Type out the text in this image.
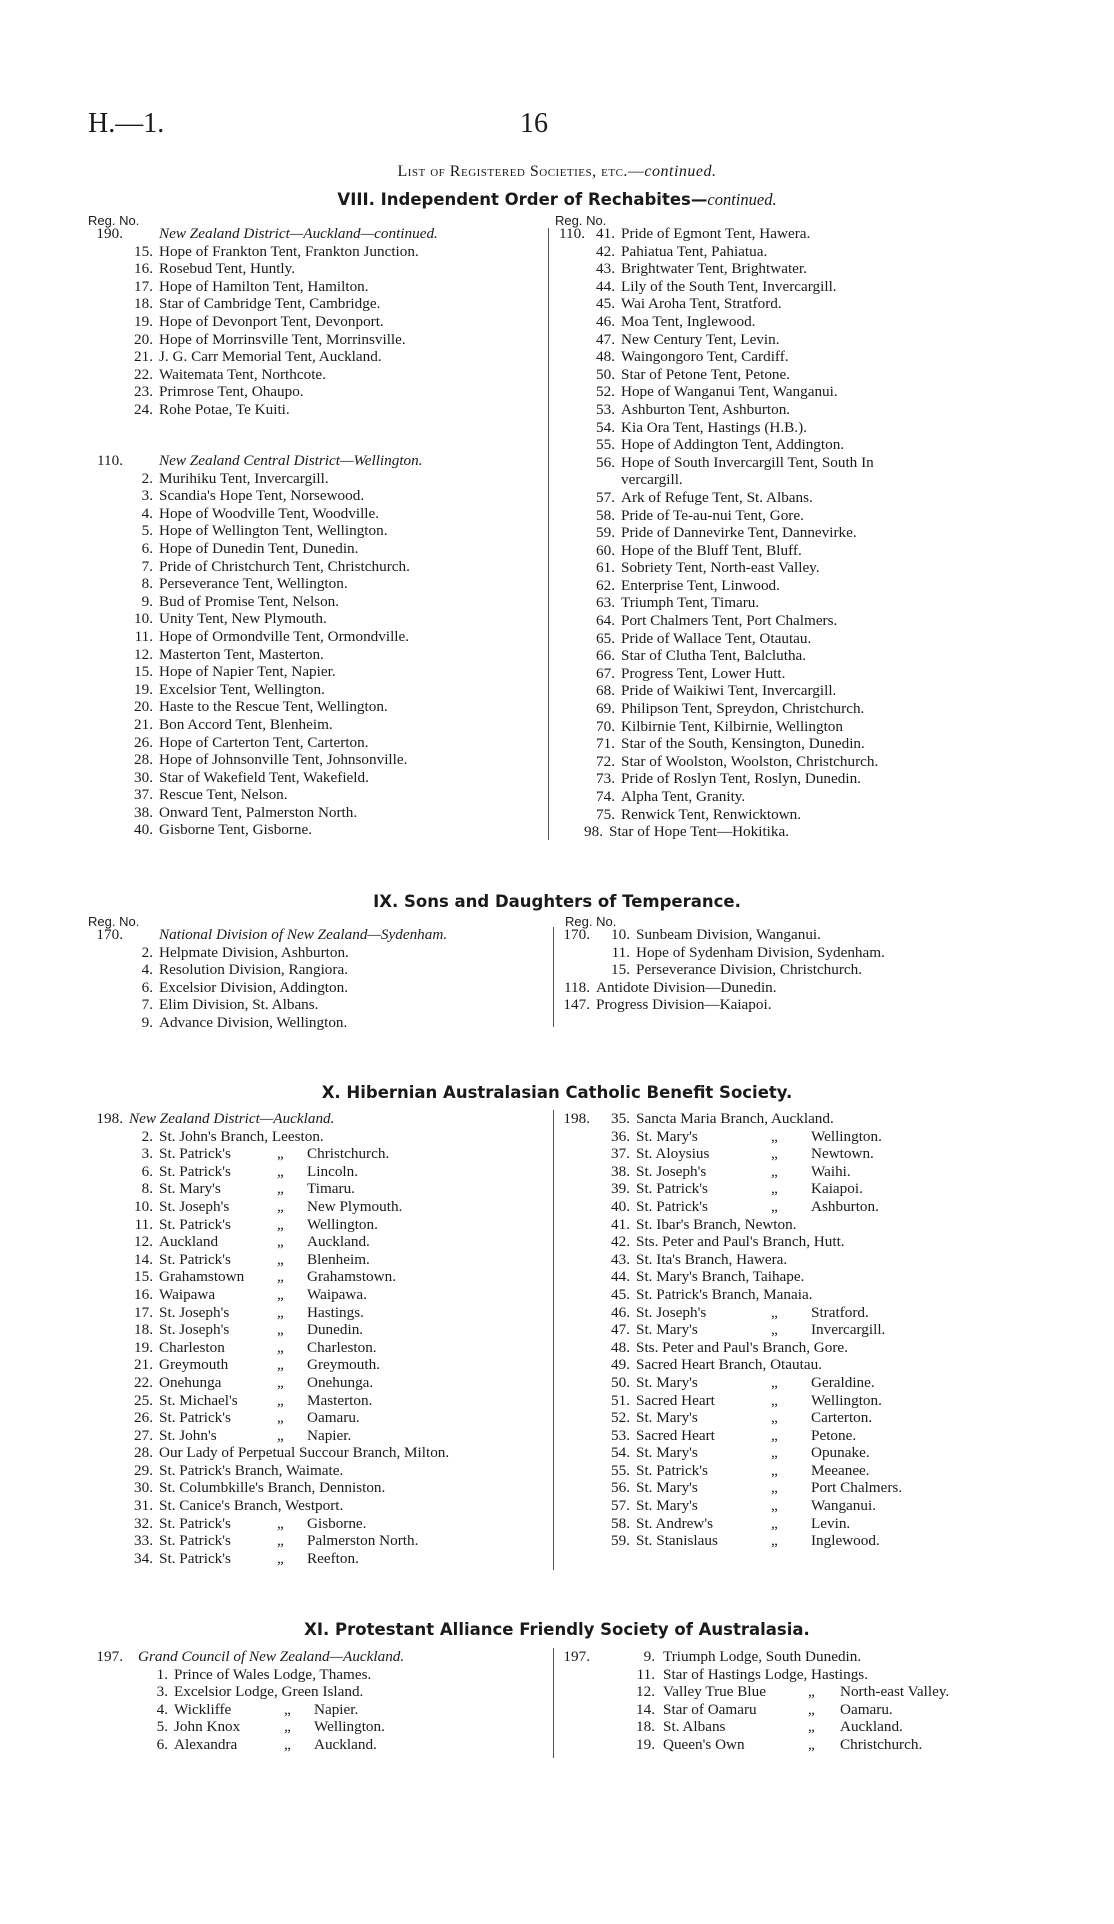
H.—1.	16
List of Registered Societies, etc.—continued.
VIII. Independent Order of Rechabites—continued.
Reg. No.	Reg. No.
190. New Zealand District—Auckland—continued.
15. Hope of Frankton Tent, Frankton Junction.
16. Rosebud Tent, Huntly.
17. Hope of Hamilton Tent, Hamilton.
18. Star of Cambridge Tent, Cambridge.
19. Hope of Devonport Tent, Devonport.
20. Hope of Morrinsville Tent, Morrinsville.
21. J. G. Carr Memorial Tent, Auckland.
22. Waitemata Tent, Northcote.
23. Primrose Tent, Ohaupo.
24. Rohe Potae, Te Kuiti.
110. New Zealand Central District—Wellington.
2. Murihiku Tent, Invercargill.
3. Scandia's Hope Tent, Norsewood.
4. Hope of Woodville Tent, Woodville.
5. Hope of Wellington Tent, Wellington.
6. Hope of Dunedin Tent, Dunedin.
7. Pride of Christchurch Tent, Christchurch.
8. Perseverance Tent, Wellington.
9. Bud of Promise Tent, Nelson.
10. Unity Tent, New Plymouth.
11. Hope of Ormondville Tent, Ormondville.
12. Masterton Tent, Masterton.
15. Hope of Napier Tent, Napier.
19. Excelsior Tent, Wellington.
20. Haste to the Rescue Tent, Wellington.
21. Bon Accord Tent, Blenheim.
26. Hope of Carterton Tent, Carterton.
28. Hope of Johnsonville Tent, Johnsonville.
30. Star of Wakefield Tent, Wakefield.
37. Rescue Tent, Nelson.
38. Onward Tent, Palmerston North.
40. Gisborne Tent, Gisborne.
110. 41. Pride of Egmont Tent, Hawera.
42. Pahiatua Tent, Pahiatua.
43. Brightwater Tent, Brightwater.
44. Lily of the South Tent, Invercargill.
45. Wai Aroha Tent, Stratford.
46. Moa Tent, Inglewood.
47. New Century Tent, Levin.
48. Waingongoro Tent, Cardiff.
50. Star of Petone Tent, Petone.
52. Hope of Wanganui Tent, Wanganui.
53. Ashburton Tent, Ashburton.
54. Kia Ora Tent, Hastings (H.B.).
55. Hope of Addington Tent, Addington.
56. Hope of South Invercargill Tent, South In
vercargill.
57. Ark of Refuge Tent, St. Albans.
58. Pride of Te-au-nui Tent, Gore.
59. Pride of Dannevirke Tent, Dannevirke.
60. Hope of the Bluff Tent, Bluff.
61. Sobriety Tent, North-east Valley.
62. Enterprise Tent, Linwood.
63. Triumph Tent, Timaru.
64. Port Chalmers Tent, Port Chalmers.
65. Pride of Wallace Tent, Otautau.
66. Star of Clutha Tent, Balclutha.
67. Progress Tent, Lower Hutt.
68. Pride of Waikiwi Tent, Invercargill.
69. Philipson Tent, Spreydon, Christchurch.
70. Kilbirnie Tent, Kilbirnie, Wellington
71. Star of the South, Kensington, Dunedin.
72. Star of Woolston, Woolston, Christchurch.
73. Pride of Roslyn Tent, Roslyn, Dunedin.
74. Alpha Tent, Granity.
75. Renwick Tent, Renwicktown.
98. Star of Hope Tent—Hokitika.
IX. Sons and Daughters of Temperance.
Reg. No.	Reg. No.
170. National Division of New Zealand—Sydenham.
2. Helpmate Division, Ashburton.
4. Resolution Division, Rangiora.
6. Excelsior Division, Addington.
7. Elim Division, St. Albans.
9. Advance Division, Wellington.
170.	10. Sunbeam Division, Wanganui.
11. Hope of Sydenham Division, Sydenham.
15. Perseverance Division, Christchurch.
118. Antidote Division—Dunedin.
147. Progress Division—Kaiapoi.
X. Hibernian Australasian Catholic Benefit Society.
198. New Zealand District—Auckland.
2. St. John's Branch, Leeston.
3. St. Patrick's	„ Christchurch.
6. St. Patrick's	„ Lincoln.
8. St. Mary's	„ Timaru.
10. St. Joseph's	„ New Plymouth.
11. St. Patrick's	„ Wellington.
12. Auckland	„ Auckland.
14. St. Patrick's	„ Blenheim.
15. Grahamstown „ Grahamstown.
16. Waipawa	„ Waipawa.
17. St. Joseph's	„ Hastings.
18. St. Joseph's	„ Dunedin.
19. Charleston	„ Charleston.
21. Greymouth	„ Greymouth.
22. Onehunga	„ Onehunga.
25. St. Michael's	„ Masterton.
26. St. Patrick's	„ Oamaru.
27. St. John's	„ Napier.
28. Our Lady of Perpetual Succour Branch, Milton.
29. St. Patrick's Branch, Waimate.
30. St. Columbkille's Branch, Denniston.
31. St. Canice's Branch, Westport.
32. St. Patrick's	„ Gisborne.
33. St. Patrick's	„ Palmerston North.
34. St. Patrick's	„ Reefton.
198.	35. Sancta Maria Branch, Auckland.
36. St. Mary's	„ Wellington.
37. St. Aloysius	„ Newtown.
38. St. Joseph's	„ Waihi.
39. St. Patrick's	„ Kaiapoi.
40. St. Patrick's	„ Ashburton.
41. St. Ibar's Branch, Newton.
42. Sts. Peter and Paul's Branch, Hutt.
43. St. Ita's Branch, Hawera.
44. St. Mary's Branch, Taihape.
45. St. Patrick's Branch, Manaia.
46. St. Joseph's	„ Stratford.
47. St. Mary's	„ Invercargill.
48. Sts. Peter and Paul's Branch, Gore.
49. Sacred Heart Branch, Otautau.
50. St. Mary's	„ Geraldine.
51. Sacred Heart	„ Wellington.
52. St. Mary's	„ Carterton.
53. Sacred Heart	„ Petone.
54. St. Mary's	„ Opunake.
55. St. Patrick's	„ Meeanee.
56. St. Mary's	„ Port Chalmers.
57. St. Mary's	„ Wanganui.
58. St. Andrew's	„ Levin.
59. St. Stanislaus	„ Inglewood.
XI. Protestant Alliance Friendly Society of Australasia.
197. Grand Council of New Zealand—Auckland.
1. Prince of Wales Lodge, Thames.
3. Excelsior Lodge, Green Island.
4. Wickliffe	„ Napier.
5. John Knox	„ Wellington.
6. Alexandra	„ Auckland.
197.	9. Triumph Lodge, South Dunedin.
11. Star of Hastings Lodge, Hastings.
12. Valley True Blue	„ North-east Valley.
14. Star of Oamaru	„ Oamaru.
18. St. Albans	„ Auckland.
19. Queen's Own	„ Christchurch.
